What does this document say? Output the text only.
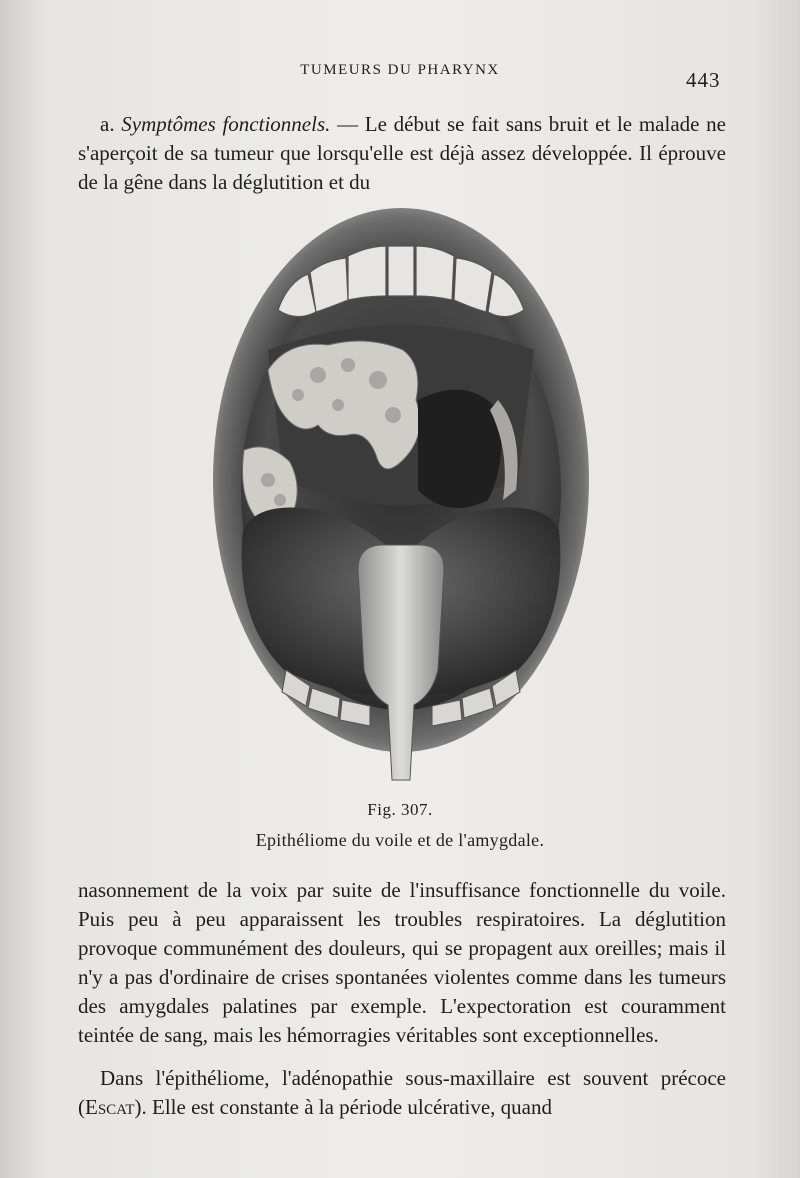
TUMEURS DU PHARYNX	443
a. Symptômes fonctionnels. — Le début se fait sans bruit et le malade ne s'aperçoit de sa tumeur que lorsqu'elle est déjà assez développée. Il éprouve de la gêne dans la déglutition et du
Fig. 307.
Epithéliome du voile et de l'amygdale.
nasonnement de la voix par suite de l'insuffisance fonctionnelle du voile. Puis peu à peu apparaissent les troubles respiratoires. La déglutition provoque communément des douleurs, qui se propagent aux oreilles; mais il n'y a pas d'ordinaire de crises spontanées violentes comme dans les tumeurs des amygdales palatines par exemple. L'expectoration est couramment teintée de sang, mais les hémorragies véritables sont exceptionnelles.
Dans l'épithéliome, l'adénopathie sous-maxillaire est souvent précoce (Escat). Elle est constante à la période ulcérative, quand
